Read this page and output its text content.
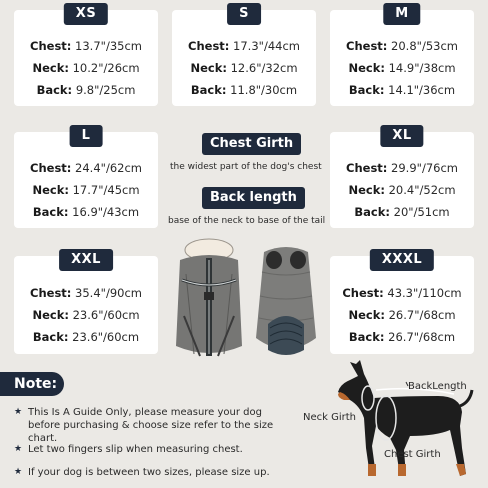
XS
Chest: 13.7"/35cm
Neck: 10.2"/26cm
Back: 9.8"/25cm
S
Chest: 17.3"/44cm
Neck: 12.6"/32cm
Back: 11.8"/30cm
M
Chest: 20.8"/53cm
Neck: 14.9"/38cm
Back: 14.1"/36cm
L
Chest: 24.4"/62cm
Neck: 17.7"/45cm
Back: 16.9"/43cm
XL
Chest: 29.9"/76cm
Neck: 20.4"/52cm
Back: 20"/51cm
XXL
Chest: 35.4"/90cm
Neck: 23.6"/60cm
Back: 23.6"/60cm
XXXL
Chest: 43.3"/110cm
Neck: 26.7"/68cm
Back: 26.7"/68cm
Chest Girth
the widest part of the dog's chest
Back length
base of the neck to base of the tail
Note:
★ This Is A Guide Only, please measure your dog before purchasing & choose size refer to the size chart.
★ Let two fingers slip when measuring chest.
★ If your dog is between two sizes, please size up.
BackLength
Neck Girth
Chest Girth
